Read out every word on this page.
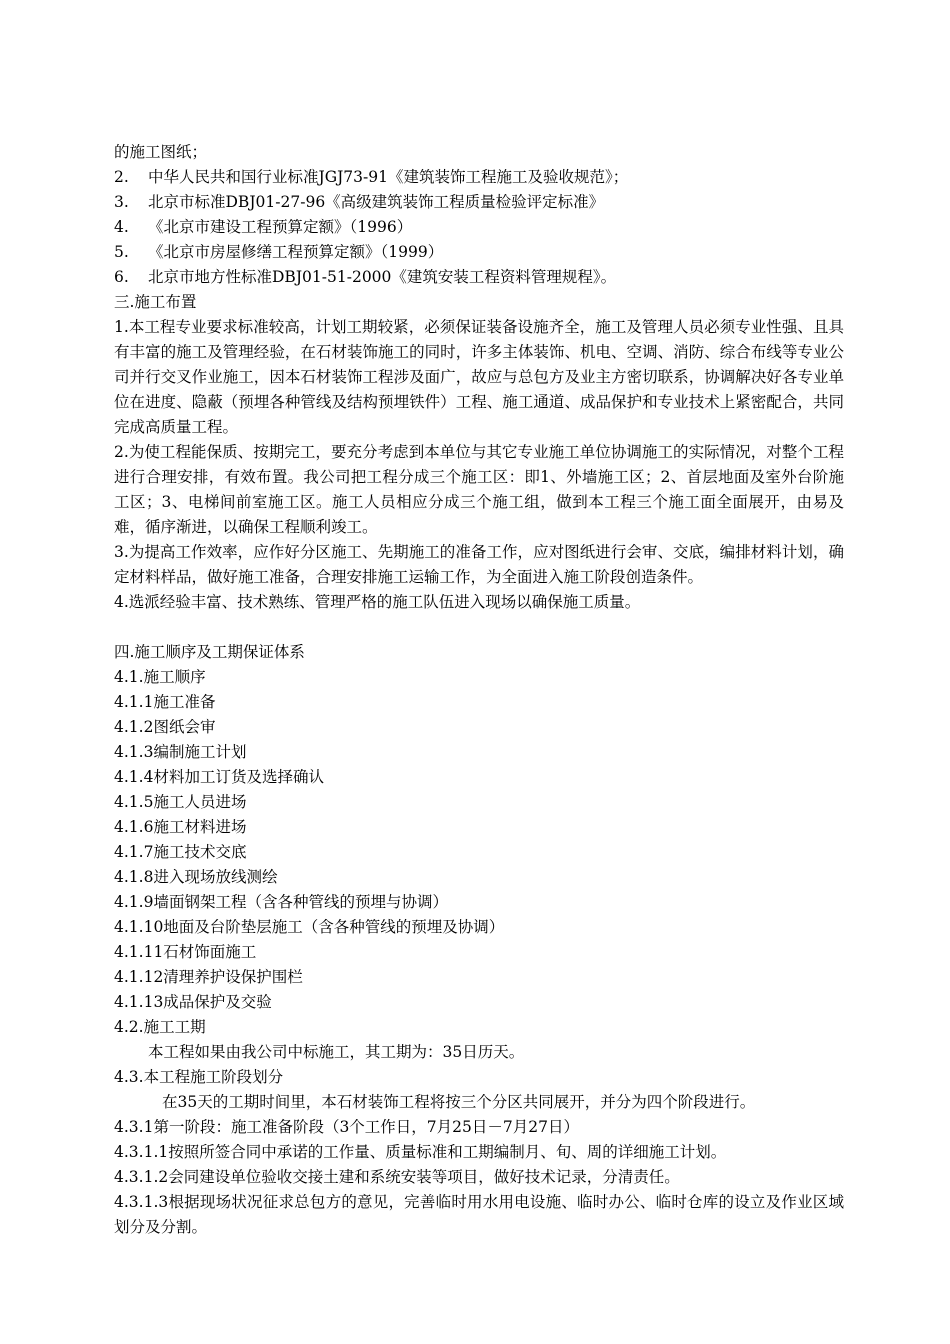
的施工图纸；
2. 中华人民共和国行业标准JGJ73-91《建筑装饰工程施工及验收规范》；
3. 北京市标准DBJ01-27-96《高级建筑装饰工程质量检验评定标准》
4. 《北京市建设工程预算定额》（1996）
5. 《北京市房屋修缮工程预算定额》（1999）
6. 北京市地方性标准DBJ01-51-2000《建筑安装工程资料管理规程》。
三.施工布置
1.本工程专业要求标准较高，计划工期较紧，必须保证装备设施齐全，施工及管理人员必须专业性强、且具有丰富的施工及管理经验，在石材装饰施工的同时，许多主体装饰、机电、空调、消防、综合布线等专业公司并行交叉作业施工，因本石材装饰工程涉及面广，故应与总包方及业主方密切联系，协调解决好各专业单位在进度、隐蔽（预埋各种管线及结构预埋铁件）工程、施工通道、成品保护和专业技术上紧密配合，共同完成高质量工程。
2.为使工程能保质、按期完工，要充分考虑到本单位与其它专业施工单位协调施工的实际情况，对整个工程进行合理安排，有效布置。我公司把工程分成三个施工区：即1、外墙施工区；2、首层地面及室外台阶施工区；3、电梯间前室施工区。施工人员相应分成三个施工组，做到本工程三个施工面全面展开，由易及难，循序渐进，以确保工程顺利竣工。
3.为提高工作效率，应作好分区施工、先期施工的准备工作，应对图纸进行会审、交底，编排材料计划，确定材料样品，做好施工准备，合理安排施工运输工作，为全面进入施工阶段创造条件。
4.选派经验丰富、技术熟练、管理严格的施工队伍进入现场以确保施工质量。
四.施工顺序及工期保证体系
4.1.施工顺序
4.1.1施工准备
4.1.2图纸会审
4.1.3编制施工计划
4.1.4材料加工订货及选择确认
4.1.5施工人员进场
4.1.6施工材料进场
4.1.7施工技术交底
4.1.8进入现场放线测绘
4.1.9墙面钢架工程（含各种管线的预埋与协调）
4.1.10地面及台阶垫层施工（含各种管线的预埋及协调）
4.1.11石材饰面施工
4.1.12清理养护设保护围栏
4.1.13成品保护及交验
4.2.施工工期
本工程如果由我公司中标施工，其工期为：35日历天。
4.3.本工程施工阶段划分
在35天的工期时间里，本石材装饰工程将按三个分区共同展开，并分为四个阶段进行。
4.3.1第一阶段：施工准备阶段（3个工作日，7月25日－7月27日）
4.3.1.1按照所签合同中承诺的工作量、质量标准和工期编制月、旬、周的详细施工计划。
4.3.1.2会同建设单位验收交接土建和系统安装等项目，做好技术记录，分清责任。
4.3.1.3根据现场状况征求总包方的意见，完善临时用水用电设施、临时办公、临时仓库的设立及作业区域划分及分割。
